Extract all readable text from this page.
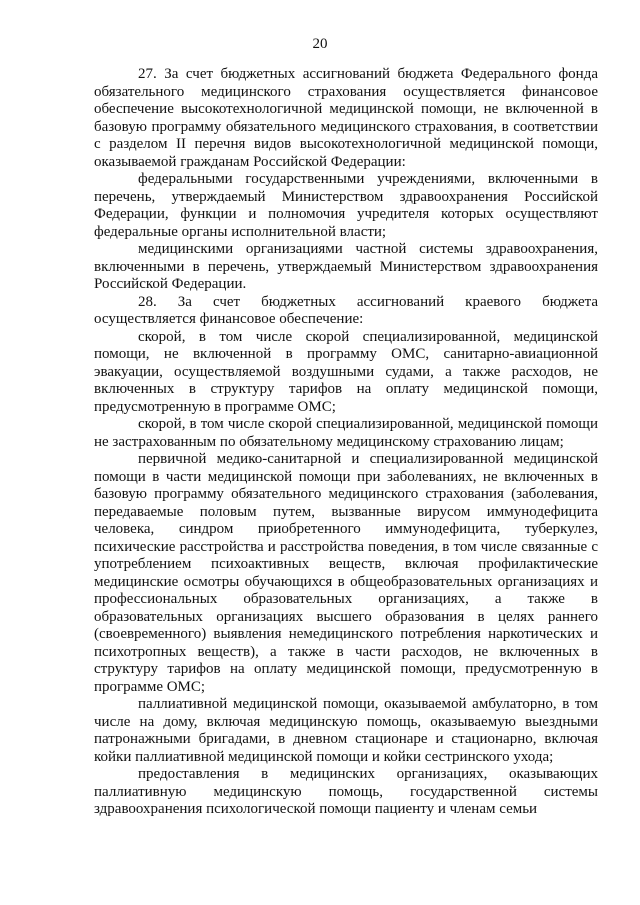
20

27. За счет бюджетных ассигнований бюджета Федерального фонда обязательного медицинского страхования осуществляется финансовое обеспечение высокотехнологичной медицинской помощи, не включенной в базовую программу обязательного медицинского страхования, в соответствии с разделом II перечня видов высокотехнологичной медицинской помощи, оказываемой гражданам Российской Федерации:

федеральными государственными учреждениями, включенными в перечень, утверждаемый Министерством здравоохранения Российской Федерации, функции и полномочия учредителя которых осуществляют федеральные органы исполнительной власти;

медицинскими организациями частной системы здравоохранения, включенными в перечень, утверждаемый Министерством здравоохранения Российской Федерации.

28. За счет бюджетных ассигнований краевого бюджета осуществляется финансовое обеспечение:

скорой, в том числе скорой специализированной, медицинской помощи, не включенной в программу ОМС, санитарно-авиационной эвакуации, осуществляемой воздушными судами, а также расходов, не включенных в структуру тарифов на оплату медицинской помощи, предусмотренную в программе ОМС;

скорой, в том числе скорой специализированной, медицинской помощи не застрахованным по обязательному медицинскому страхованию лицам;

первичной медико-санитарной и специализированной медицинской помощи в части медицинской помощи при заболеваниях, не включенных в базовую программу обязательного медицинского страхования (заболевания, передаваемые половым путем, вызванные вирусом иммунодефицита человека, синдром приобретенного иммунодефицита, туберкулез, психические расстройства и расстройства поведения, в том числе связанные с употреблением психоактивных веществ, включая профилактические медицинские осмотры обучающихся в общеобразовательных организациях и профессиональных образовательных организациях, а также в образовательных организациях высшего образования в целях раннего (своевременного) выявления немедицинского потребления наркотических и психотропных веществ), а также в части расходов, не включенных в структуру тарифов на оплату медицинской помощи, предусмотренную в программе ОМС;

паллиативной медицинской помощи, оказываемой амбулаторно, в том числе на дому, включая медицинскую помощь, оказываемую выездными патронажными бригадами, в дневном стационаре и стационарно, включая койки паллиативной медицинской помощи и койки сестринского ухода;

предоставления в медицинских организациях, оказывающих паллиативную медицинскую помощь, государственной системы здравоохранения психологической помощи пациенту и членам семьи
